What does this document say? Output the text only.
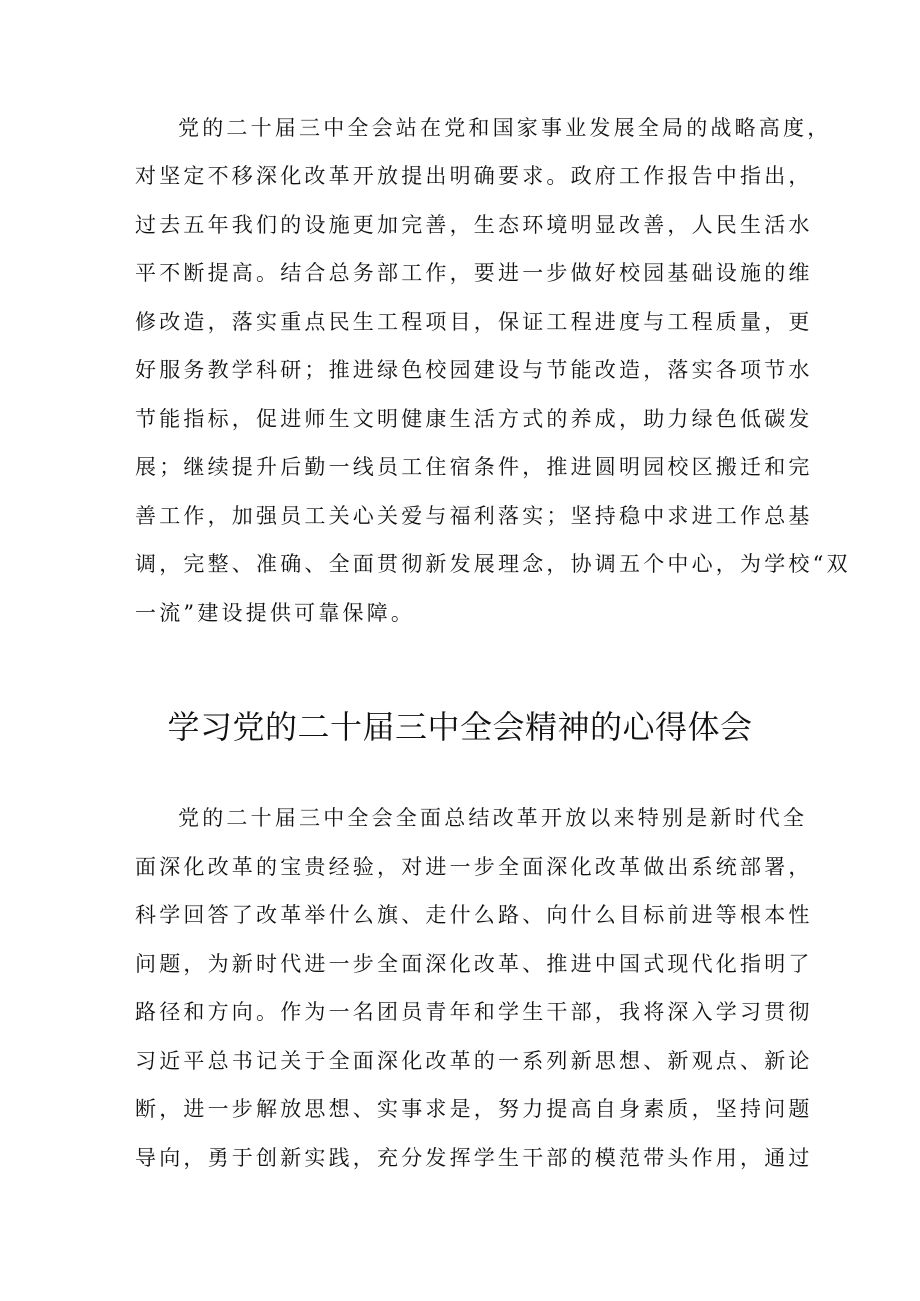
党的二十届三中全会站在党和国家事业发展全局的战略高度，
对坚定不移深化改革开放提出明确要求。政府工作报告中指出，
过去五年我们的设施更加完善，生态环境明显改善，人民生活水
平不断提高。结合总务部工作，要进一步做好校园基础设施的维
修改造，落实重点民生工程项目，保证工程进度与工程质量，更
好服务教学科研；推进绿色校园建设与节能改造，落实各项节水
节能指标，促进师生文明健康生活方式的养成，助力绿色低碳发
展；继续提升后勤一线员工住宿条件，推进圆明园校区搬迁和完
善工作，加强员工关心关爱与福利落实；坚持稳中求进工作总基
调，完整、准确、全面贯彻新发展理念，协调五个中心，为学校“双
一流”建设提供可靠保障。
学习党的二十届三中全会精神的心得体会
党的二十届三中全会全面总结改革开放以来特别是新时代全
面深化改革的宝贵经验，对进一步全面深化改革做出系统部署，
科学回答了改革举什么旗、走什么路、向什么目标前进等根本性
问题，为新时代进一步全面深化改革、推进中国式现代化指明了
路径和方向。作为一名团员青年和学生干部，我将深入学习贯彻
习近平总书记关于全面深化改革的一系列新思想、新观点、新论
断，进一步解放思想、实事求是，努力提高自身素质，坚持问题
导向，勇于创新实践，充分发挥学生干部的模范带头作用，通过
